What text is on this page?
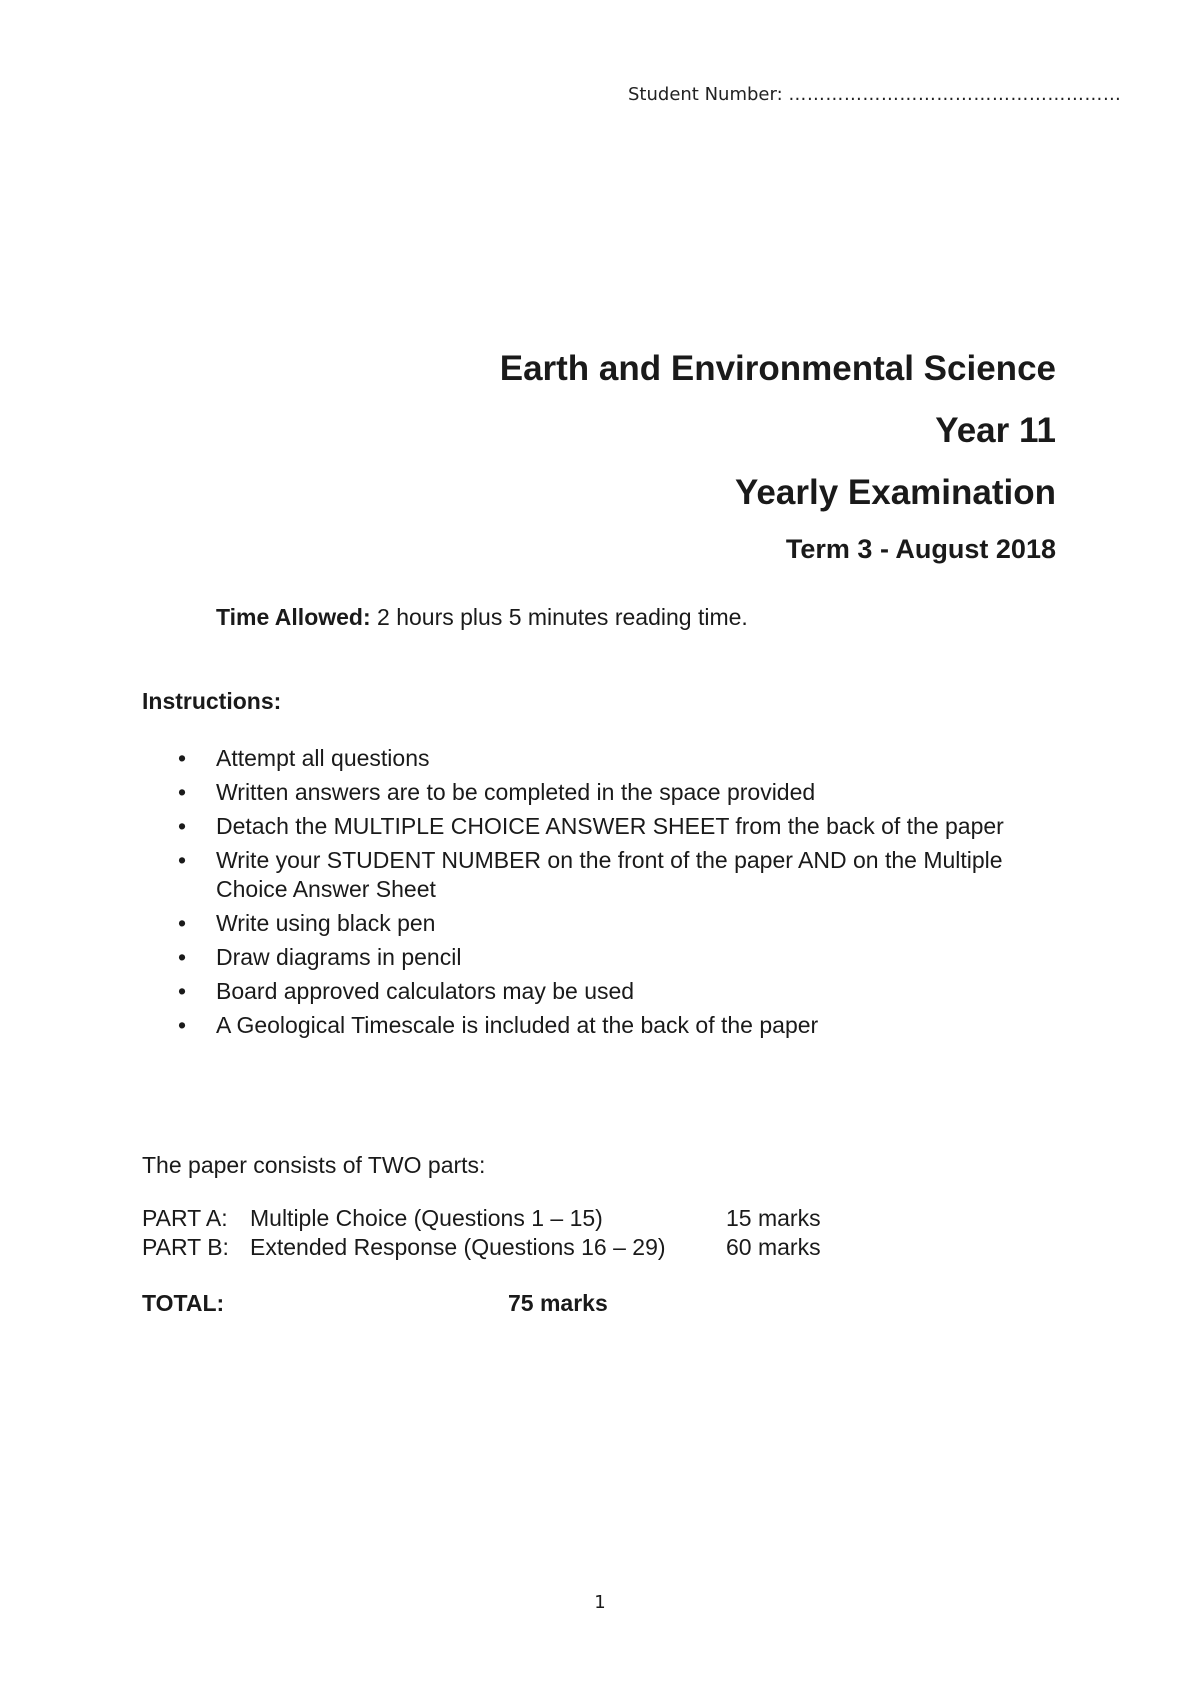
Student Number: ………………………………………………
Earth and Environmental Science
Year 11
Yearly Examination
Term 3 - August 2018
Time Allowed: 2 hours plus 5 minutes reading time.
Instructions:
• Attempt all questions
• Written answers are to be completed in the space provided
• Detach the MULTIPLE CHOICE ANSWER SHEET from the back of the paper
• Write your STUDENT NUMBER on the front of the paper AND on the Multiple Choice Answer Sheet
• Write using black pen
• Draw diagrams in pencil
• Board approved calculators may be used
• A Geological Timescale is included at the back of the paper
The paper consists of TWO parts:
PART A: Multiple Choice (Questions 1 – 15)	15 marks
PART B: Extended Response (Questions 16 – 29)	60 marks
TOTAL:	75 marks
1
